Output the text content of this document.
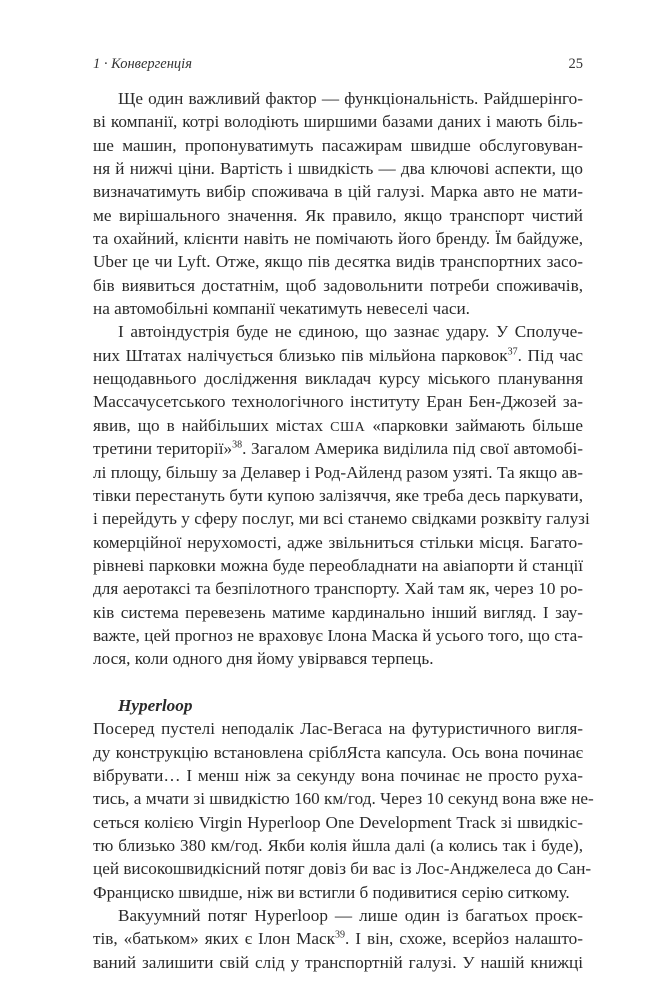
1 · Конвергенція	25
Ще один важливий фактор — функціональність. Райдшерінго-
ві компанії, котрі володіють ширшими базами даних і мають біль-
ше машин, пропонуватимуть пасажирам швидше обслуговуван-
ня й нижчі ціни. Вартість і швидкість — два ключові аспекти, що
визначатимуть вибір споживача в цій галузі. Марка авто не мати-
ме вирішального значення. Як правило, якщо транспорт чистий
та охайний, клієнти навіть не помічають його бренду. Їм байдуже,
Uber це чи Lyft. Отже, якщо пів десятка видів транспортних засо-
бів виявиться достатнім, щоб задовольнити потреби споживачів,
на автомобільні компанії чекатимуть невеселі часи.
І автоіндустрія буде не єдиною, що зазнає удару. У Сполуче-
них Штатах налічується близько пів мільйона парковок$^{37}$. Під час
нещодавнього дослідження викладач курсу міського планування
Массачусетського технологічного інституту Еран Бен-Джозей за-
явив, що в найбільших містах США «парковки займають більше
третини території»$^{38}$. Загалом Америка виділила під свої автомобі-
лі площу, більшу за Делавер і Род-Айленд разом узяті. Та якщо ав-
тівки перестануть бути купою залізяччя, яке треба десь паркувати,
і перейдуть у сферу послуг, ми всі станемо свідками розквіту галузі
комерційної нерухомості, адже звільниться стільки місця. Багато-
рівневі парковки можна буде переобладнати на авіапорти й станції
для аеротаксі та безпілотного транспорту. Хай там як, через 10 ро-
ків система перевезень матиме кардинально інший вигляд. І зау-
важте, цей прогноз не враховує Ілона Маска й усього того, що ста-
лося, коли одного дня йому увірвався терпець.
Hyperloop
Посеред пустелі неподалік Лас-Вегаса на футуристичного вигля-
ду конструкцію встановлена сріблЯста капсула. Ось вона починає
вібрувати… І менш ніж за секунду вона починає не просто руха-
тись, а мчати зі швидкістю 160 км/год. Через 10 секунд вона вже не-
сеться колією Virgin Hyperloop One Development Track зі швидкіс-
тю близько 380 км/год. Якби колія йшла далі (а колись так і буде),
цей високошвидкісний потяг довіз би вас із Лос-Анджелеса до Сан-
Франциско швидше, ніж ви встигли б подивитися серію ситкому.
Вакуумний потяг Hyperloop — лише один із багатьох проєк-
тів, «батьком» яких є Ілон Маск$^{39}$. І він, схоже, всерйоз налашто-
ваний залишити свій слід у транспортній галузі. У нашій книжці
